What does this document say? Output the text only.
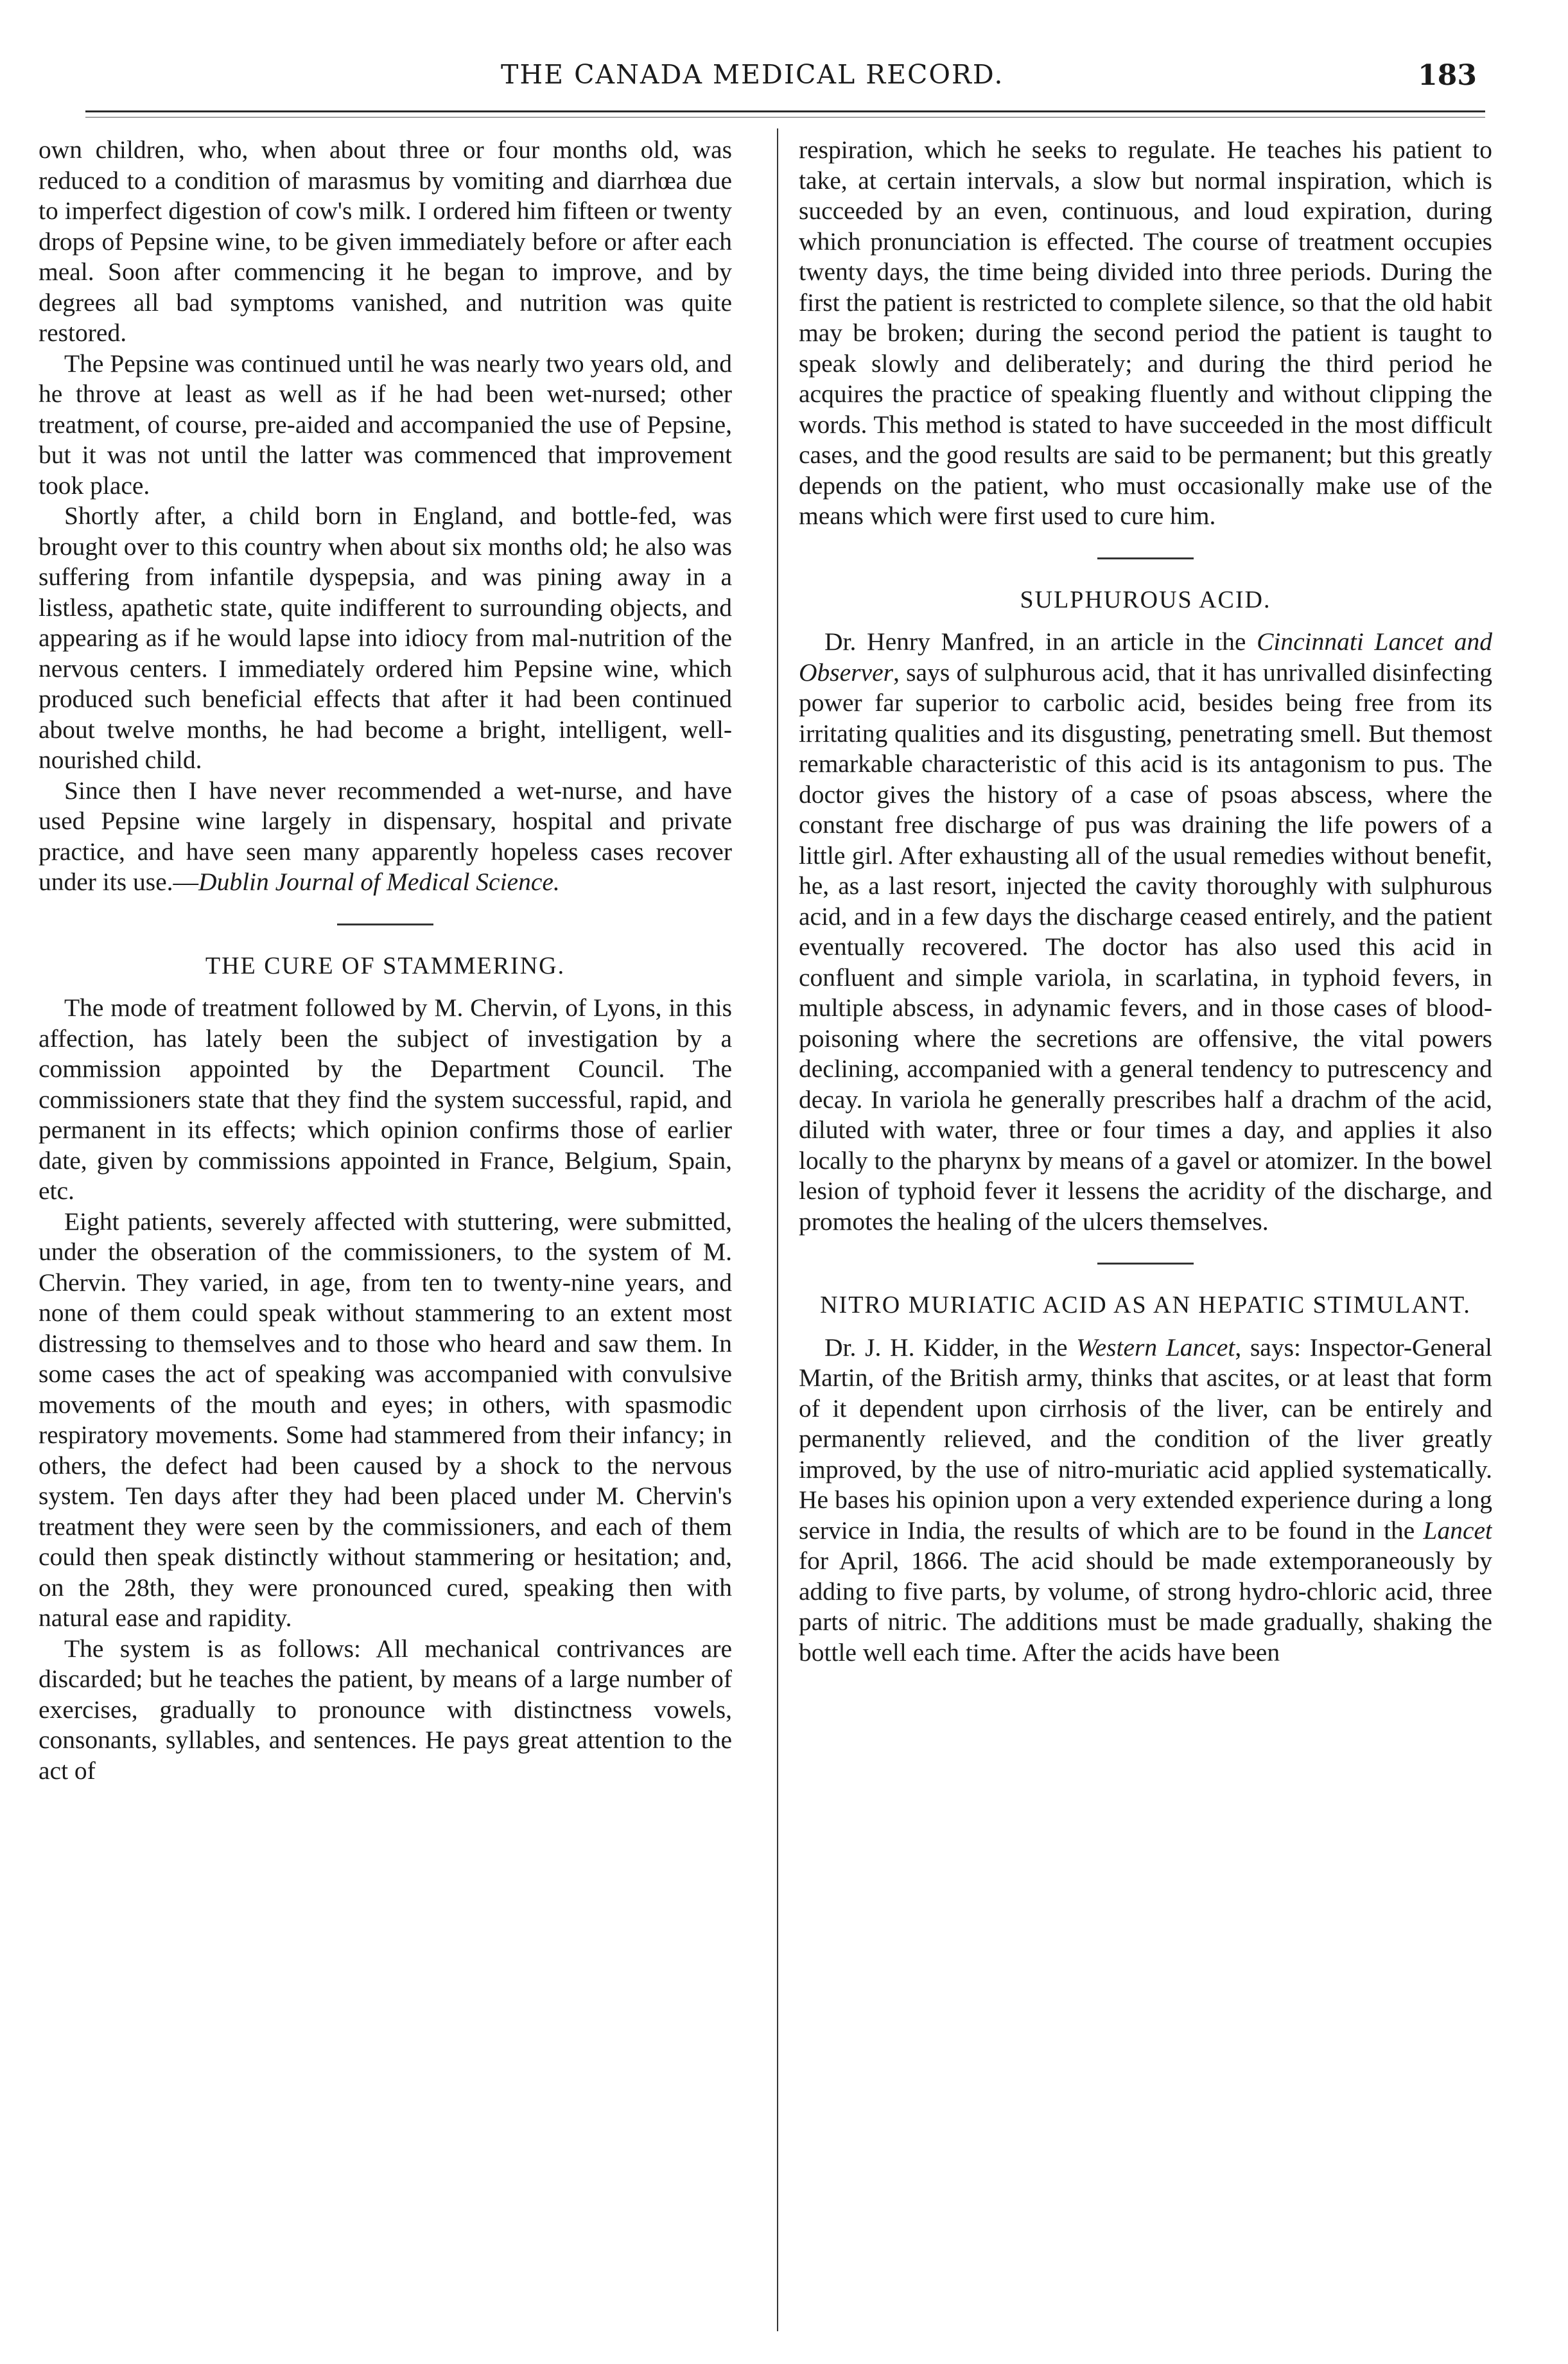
THE CANADA MEDICAL RECORD.	183

own children, who, when about three or four months old, was reduced to a condition of marasmus by vomiting and diarrhœa due to imperfect digestion of cow's milk. I ordered him fifteen or twenty drops of Pepsine wine, to be given immediately before or after each meal. Soon after commencing it he began to improve, and by degrees all bad symptoms vanished, and nutrition was quite restored.

The Pepsine was continued until he was nearly two years old, and he throve at least as well as if he had been wet-nursed; other treatment, of course, pre-aided and accompanied the use of Pepsine, but it was not until the latter was commenced that improvement took place.

Shortly after, a child born in England, and bottle-fed, was brought over to this country when about six months old; he also was suffering from infantile dyspepsia, and was pining away in a listless, apathetic state, quite indifferent to surrounding objects, and appearing as if he would lapse into idiocy from mal-nutrition of the nervous centers. I immediately ordered him Pepsine wine, which produced such beneficial effects that after it had been continued about twelve months, he had become a bright, intelligent, well-nourished child.

Since then I have never recommended a wet-nurse, and have used Pepsine wine largely in dispensary, hospital and private practice, and have seen many apparently hopeless cases recover under its use.—Dublin Journal of Medical Science.

THE CURE OF STAMMERING.

The mode of treatment followed by M. Chervin, of Lyons, in this affection, has lately been the subject of investigation by a commission appointed by the Department Council. The commissioners state that they find the system successful, rapid, and permanent in its effects; which opinion confirms those of earlier date, given by commissions appointed in France, Belgium, Spain, etc.

Eight patients, severely affected with stuttering, were submitted, under the obseration of the commissioners, to the system of M. Chervin. They varied, in age, from ten to twenty-nine years, and none of them could speak without stammering to an extent most distressing to themselves and to those who heard and saw them. In some cases the act of speaking was accompanied with convulsive movements of the mouth and eyes; in others, with spasmodic respiratory movements. Some had stammered from their infancy; in others, the defect had been caused by a shock to the nervous system. Ten days after they had been placed under M. Chervin's treatment they were seen by the commissioners, and each of them could then speak distinctly without stammering or hesitation; and, on the 28th, they were pronounced cured, speaking then with natural ease and rapidity.

The system is as follows: All mechanical contrivances are discarded; but he teaches the patient, by means of a large number of exercises, gradually to pronounce with distinctness vowels, consonants, syllables, and sentences. He pays great attention to the act of

respiration, which he seeks to regulate. He teaches his patient to take, at certain intervals, a slow but normal inspiration, which is succeeded by an even, continuous, and loud expiration, during which pronunciation is effected. The course of treatment occupies twenty days, the time being divided into three periods. During the first the patient is restricted to complete silence, so that the old habit may be broken; during the second period the patient is taught to speak slowly and deliberately; and during the third period he acquires the practice of speaking fluently and without clipping the words. This method is stated to have succeeded in the most difficult cases, and the good results are said to be permanent; but this greatly depends on the patient, who must occasionally make use of the means which were first used to cure him.

SULPHUROUS ACID.

Dr. Henry Manfred, in an article in the Cincinnati Lancet and Observer, says of sulphurous acid, that it has unrivalled disinfecting power far superior to carbolic acid, besides being free from its irritating qualities and its disgusting, penetrating smell. But themost remarkable characteristic of this acid is its antagonism to pus. The doctor gives the history of a case of psoas abscess, where the constant free discharge of pus was draining the life powers of a little girl. After exhausting all of the usual remedies without benefit, he, as a last resort, injected the cavity thoroughly with sulphurous acid, and in a few days the discharge ceased entirely, and the patient eventually recovered. The doctor has also used this acid in confluent and simple variola, in scarlatina, in typhoid fevers, in multiple abscess, in adynamic fevers, and in those cases of blood-poisoning where the secretions are offensive, the vital powers declining, accompanied with a general tendency to putrescency and decay. In variola he generally prescribes half a drachm of the acid, diluted with water, three or four times a day, and applies it also locally to the pharynx by means of a gavel or atomizer. In the bowel lesion of typhoid fever it lessens the acridity of the discharge, and promotes the healing of the ulcers themselves.

NITRO MURIATIC ACID AS AN HEPATIC STIMULANT.

Dr. J. H. Kidder, in the Western Lancet, says: Inspector-General Martin, of the British army, thinks that ascites, or at least that form of it dependent upon cirrhosis of the liver, can be entirely and permanently relieved, and the condition of the liver greatly improved, by the use of nitro-muriatic acid applied systematically. He bases his opinion upon a very extended experience during a long service in India, the results of which are to be found in the Lancet for April, 1866. The acid should be made extemporaneously by adding to five parts, by volume, of strong hydro-chloric acid, three parts of nitric. The additions must be made gradually, shaking the bottle well each time. After the acids have been
